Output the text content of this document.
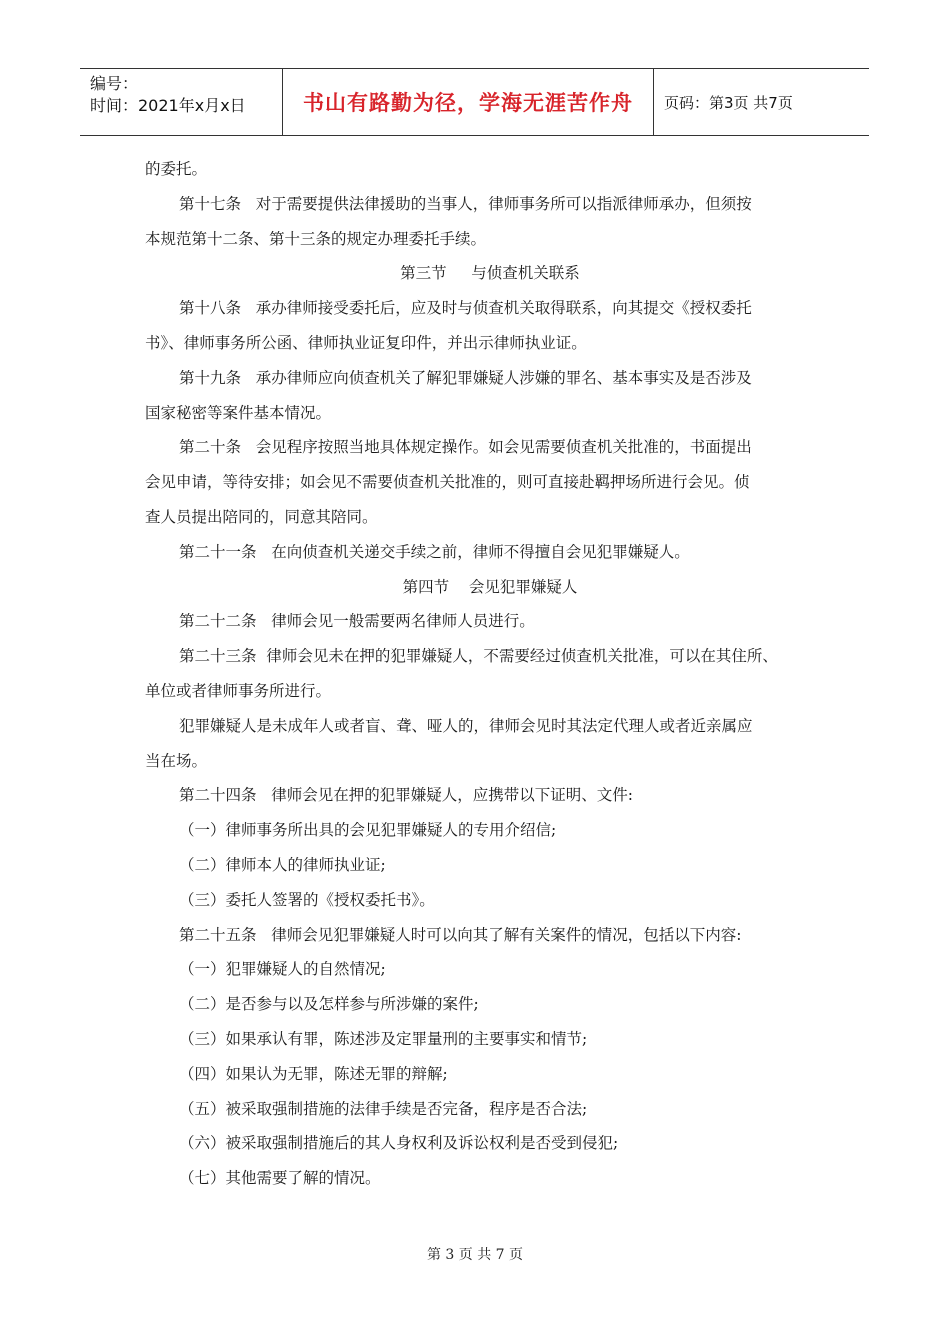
编号：
时间：2021年x月x日	书山有路勤为径，学海无涯苦作舟	页码：第3页 共7页
的委托。
第十七条   对于需要提供法律援助的当事人，律师事务所可以指派律师承办，但须按
本规范第十二条、第十三条的规定办理委托手续。
第三节     与侦查机关联系
第十八条   承办律师接受委托后，应及时与侦查机关取得联系，向其提交《授权委托
书》、律师事务所公函、律师执业证复印件，并出示律师执业证。
第十九条   承办律师应向侦查机关了解犯罪嫌疑人涉嫌的罪名、基本事实及是否涉及
国家秘密等案件基本情况。
第二十条   会见程序按照当地具体规定操作。如会见需要侦查机关批准的，书面提出
会见申请，等待安排；如会见不需要侦查机关批准的，则可直接赴羁押场所进行会见。侦
查人员提出陪同的，同意其陪同。
第二十一条   在向侦查机关递交手续之前，律师不得擅自会见犯罪嫌疑人。
第四节    会见犯罪嫌疑人
第二十二条   律师会见一般需要两名律师人员进行。
第二十三条  律师会见未在押的犯罪嫌疑人，不需要经过侦查机关批准，可以在其住所、
单位或者律师事务所进行。
犯罪嫌疑人是未成年人或者盲、聋、哑人的，律师会见时其法定代理人或者近亲属应
当在场。
第二十四条   律师会见在押的犯罪嫌疑人，应携带以下证明、文件:
（一）律师事务所出具的会见犯罪嫌疑人的专用介绍信;
（二）律师本人的律师执业证;
（三）委托人签署的《授权委托书》。
第二十五条   律师会见犯罪嫌疑人时可以向其了解有关案件的情况，包括以下内容:
（一）犯罪嫌疑人的自然情况;
（二）是否参与以及怎样参与所涉嫌的案件;
（三）如果承认有罪，陈述涉及定罪量刑的主要事实和情节;
（四）如果认为无罪，陈述无罪的辩解;
（五）被采取强制措施的法律手续是否完备，程序是否合法;
（六）被采取强制措施后的其人身权利及诉讼权利是否受到侵犯;
（七）其他需要了解的情况。
第 3 页 共 7 页
